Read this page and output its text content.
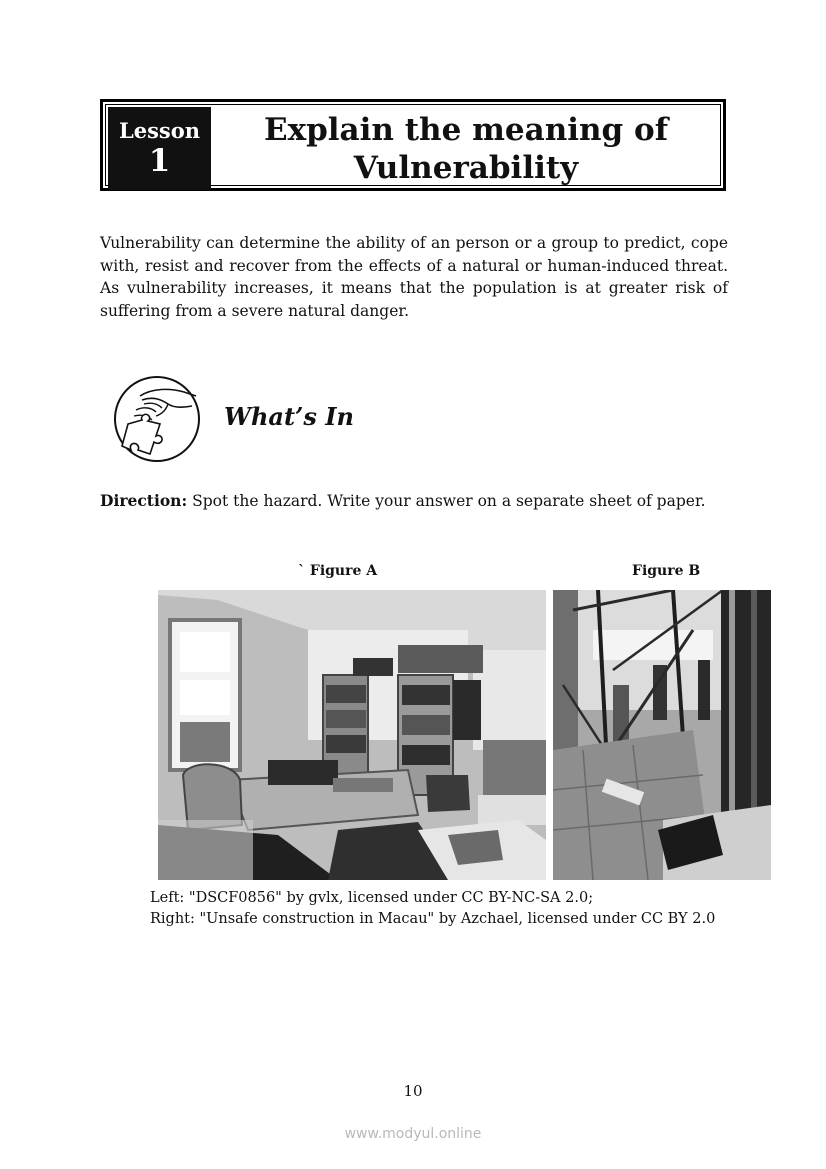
Lesson
1
Explain the meaning of
Vulnerability

Vulnerability can determine the ability of an person or a group to predict, cope with, resist and recover from the effects of a natural or human-induced threat. As vulnerability increases, it means that the population is at greater risk of suffering from a severe natural danger.

What’s In
Direction: Spot the hazard. Write your answer on a separate sheet of paper.
` Figure A	Figure B
Left: "DSCF0856" by gvlx, licensed under CC BY-NC-SA 2.0;
Right: "Unsafe construction in Macau" by Azchael, licensed under CC BY 2.0
10
www.modyul.online
